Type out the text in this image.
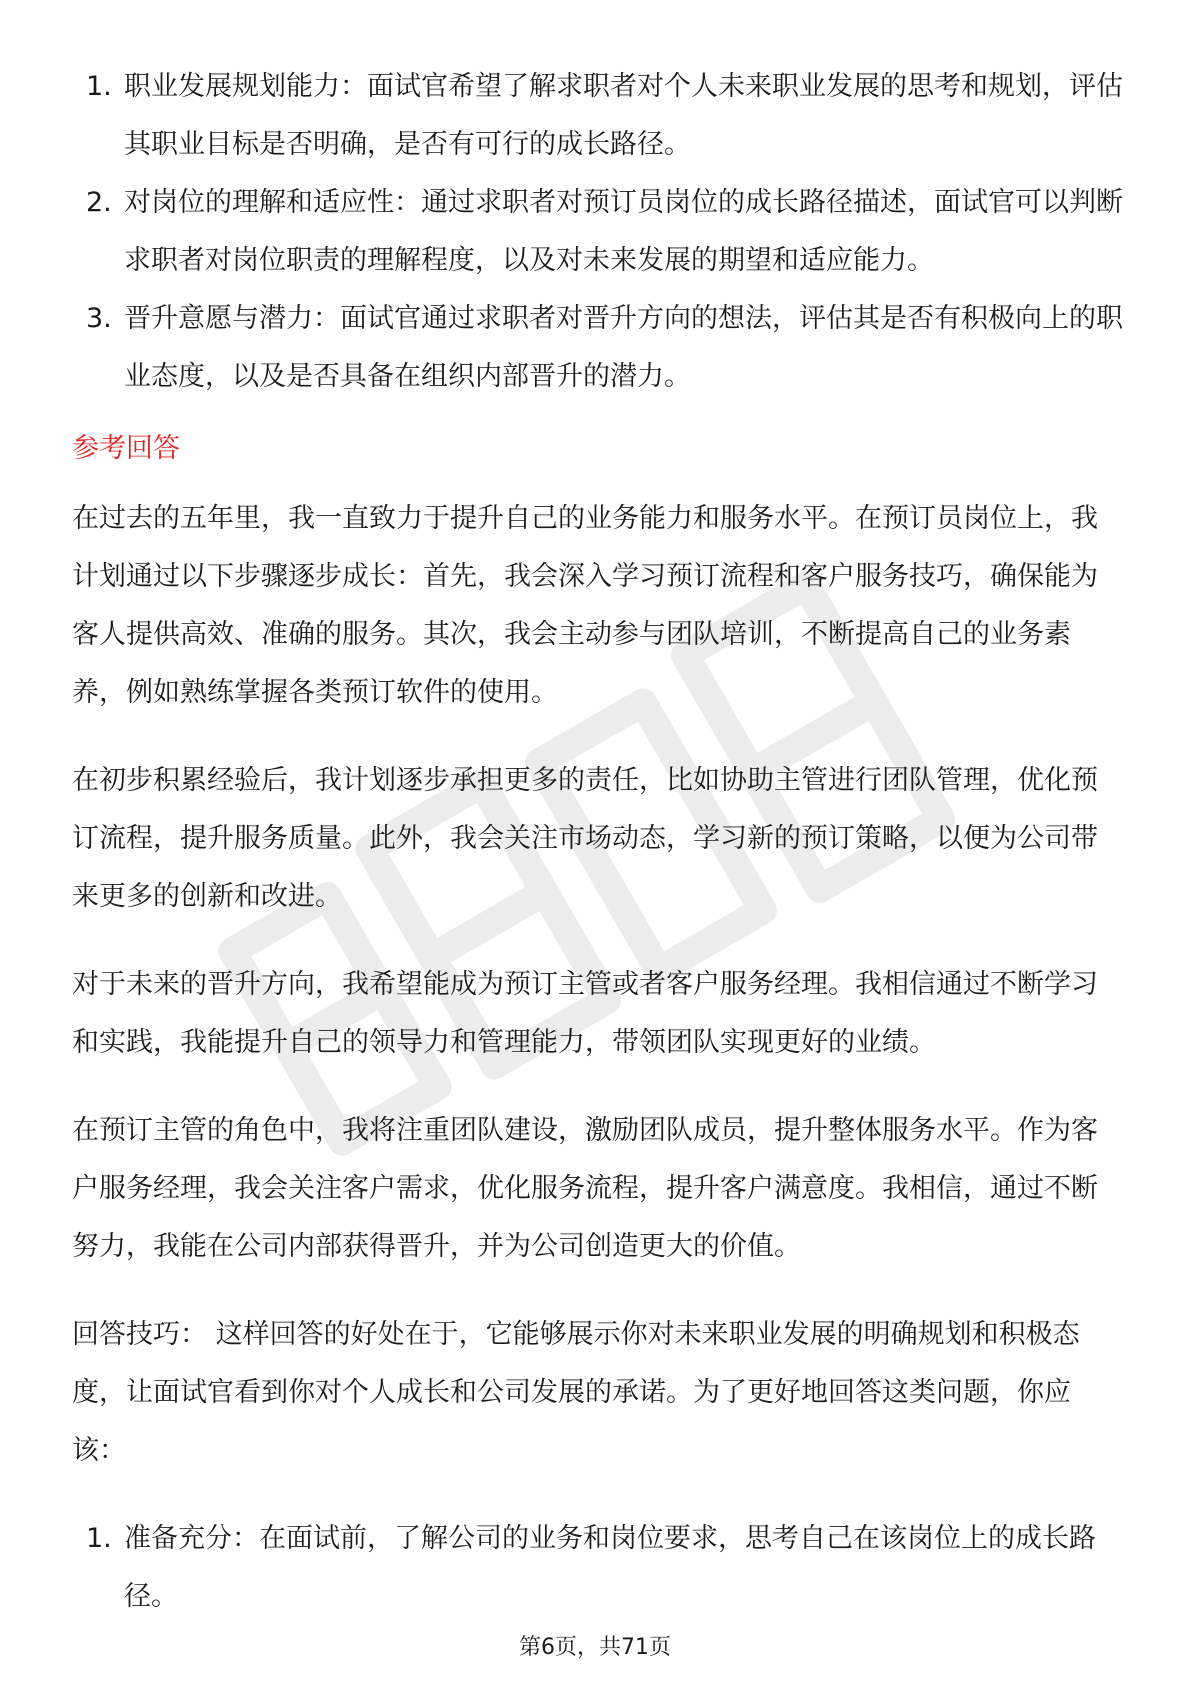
1. 职业发展规划能力：面试官希望了解求职者对个人未来职业发展的思考和规划，评估其职业目标是否明确，是否有可行的成长路径。
2. 对岗位的理解和适应性：通过求职者对预订员岗位的成长路径描述，面试官可以判断求职者对岗位职责的理解程度，以及对未来发展的期望和适应能力。
3. 晋升意愿与潜力：面试官通过求职者对晋升方向的想法，评估其是否有积极向上的职业态度，以及是否具备在组织内部晋升的潜力。
参考回答

在过去的五年里，我一直致力于提升自己的业务能力和服务水平。在预订员岗位上，我计划通过以下步骤逐步成长：首先，我会深入学习预订流程和客户服务技巧，确保能为客人提供高效、准确的服务。其次，我会主动参与团队培训，不断提高自己的业务素养，例如熟练掌握各类预订软件的使用。

在初步积累经验后，我计划逐步承担更多的责任，比如协助主管进行团队管理，优化预订流程，提升服务质量。此外，我会关注市场动态，学习新的预订策略，以便为公司带来更多的创新和改进。

对于未来的晋升方向，我希望能成为预订主管或者客户服务经理。我相信通过不断学习和实践，我能提升自己的领导力和管理能力，带领团队实现更好的业绩。

在预订主管的角色中，我将注重团队建设，激励团队成员，提升整体服务水平。作为客户服务经理，我会关注客户需求，优化服务流程，提升客户满意度。我相信，通过不断努力，我能在公司内部获得晋升，并为公司创造更大的价值。

回答技巧： 这样回答的好处在于，它能够展示你对未来职业发展的明确规划和积极态度，让面试官看到你对个人成长和公司发展的承诺。为了更好地回答这类问题，你应该：

1. 准备充分：在面试前，了解公司的业务和岗位要求，思考自己在该岗位上的成长路径。
第6页，共71页
